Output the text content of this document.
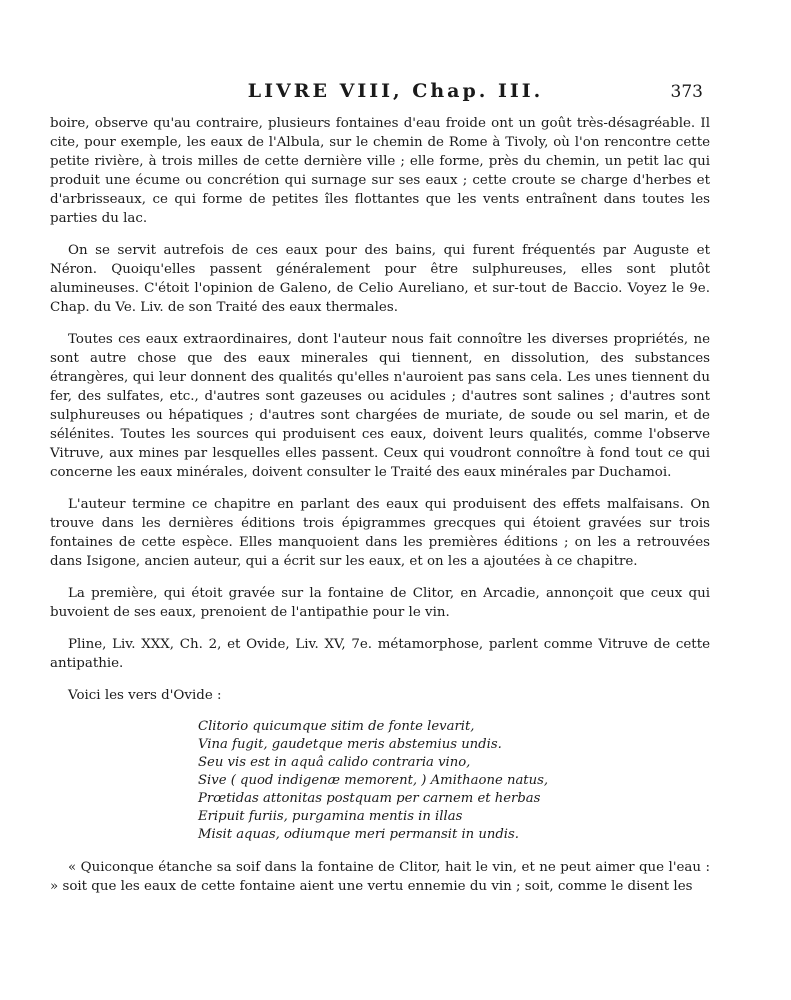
LIVRE VIII, Chap. III.	373

boire, observe qu'au contraire, plusieurs fontaines d'eau froide ont un goût très-désagréable. Il cite, pour exemple, les eaux de l'Albula, sur le chemin de Rome à Tivoly, où l'on rencontre cette petite rivière, à trois milles de cette dernière ville ; elle forme, près du chemin, un petit lac qui produit une écume ou concrétion qui surnage sur ses eaux ; cette croute se charge d'herbes et d'arbrisseaux, ce qui forme de petites îles flottantes que les vents entraînent dans toutes les parties du lac.

On se servit autrefois de ces eaux pour des bains, qui furent fréquentés par Auguste et Néron. Quoiqu'elles passent généralement pour être sulphureuses, elles sont plutôt alumineuses. C'étoit l'opinion de Galeno, de Celio Aureliano, et sur-tout de Baccio. Voyez le 9e. Chap. du Ve. Liv. de son Traité des eaux thermales.

Toutes ces eaux extraordinaires, dont l'auteur nous fait connoître les diverses propriétés, ne sont autre chose que des eaux minerales qui tiennent, en dissolution, des substances étrangères, qui leur donnent des qualités qu'elles n'auroient pas sans cela. Les unes tiennent du fer, des sulfates, etc., d'autres sont gazeuses ou acidules ; d'autres sont salines ; d'autres sont sulphureuses ou hépatiques ; d'autres sont chargées de muriate, de soude ou sel marin, et de sélénites. Toutes les sources qui produisent ces eaux, doivent leurs qualités, comme l'observe Vitruve, aux mines par lesquelles elles passent. Ceux qui voudront connoître à fond tout ce qui concerne les eaux minérales, doivent consulter le Traité des eaux minérales par Duchamoi.

L'auteur termine ce chapitre en parlant des eaux qui produisent des effets malfaisans. On trouve dans les dernières éditions trois épigrammes grecques qui étoient gravées sur trois fontaines de cette espèce. Elles manquoient dans les premières éditions ; on les a retrouvées dans Isigone, ancien auteur, qui a écrit sur les eaux, et on les a ajoutées à ce chapitre.

La première, qui étoit gravée sur la fontaine de Clitor, en Arcadie, annonçoit que ceux qui buvoient de ses eaux, prenoient de l'antipathie pour le vin.

Pline, Liv. XXX, Ch. 2, et Ovide, Liv. XV, 7e. métamorphose, parlent comme Vitruve de cette antipathie.

Voici les vers d'Ovide :

Clitorio quicumque sitim de fonte levarit,
Vina fugit, gaudetque meris abstemius undis.
Seu vis est in aquâ calido contraria vino,
Sive ( quod indigenæ memorent, ) Amithaone natus,
Prœtidas attonitas postquam per carnem et herbas
Eripuit furiis, purgamina mentis in illas
Misit aquas, odiumque meri permansit in undis.

« Quiconque étanche sa soif dans la fontaine de Clitor, hait le vin, et ne peut aimer que l'eau : » soit que les eaux de cette fontaine aient une vertu ennemie du vin ; soit, comme le disent les
